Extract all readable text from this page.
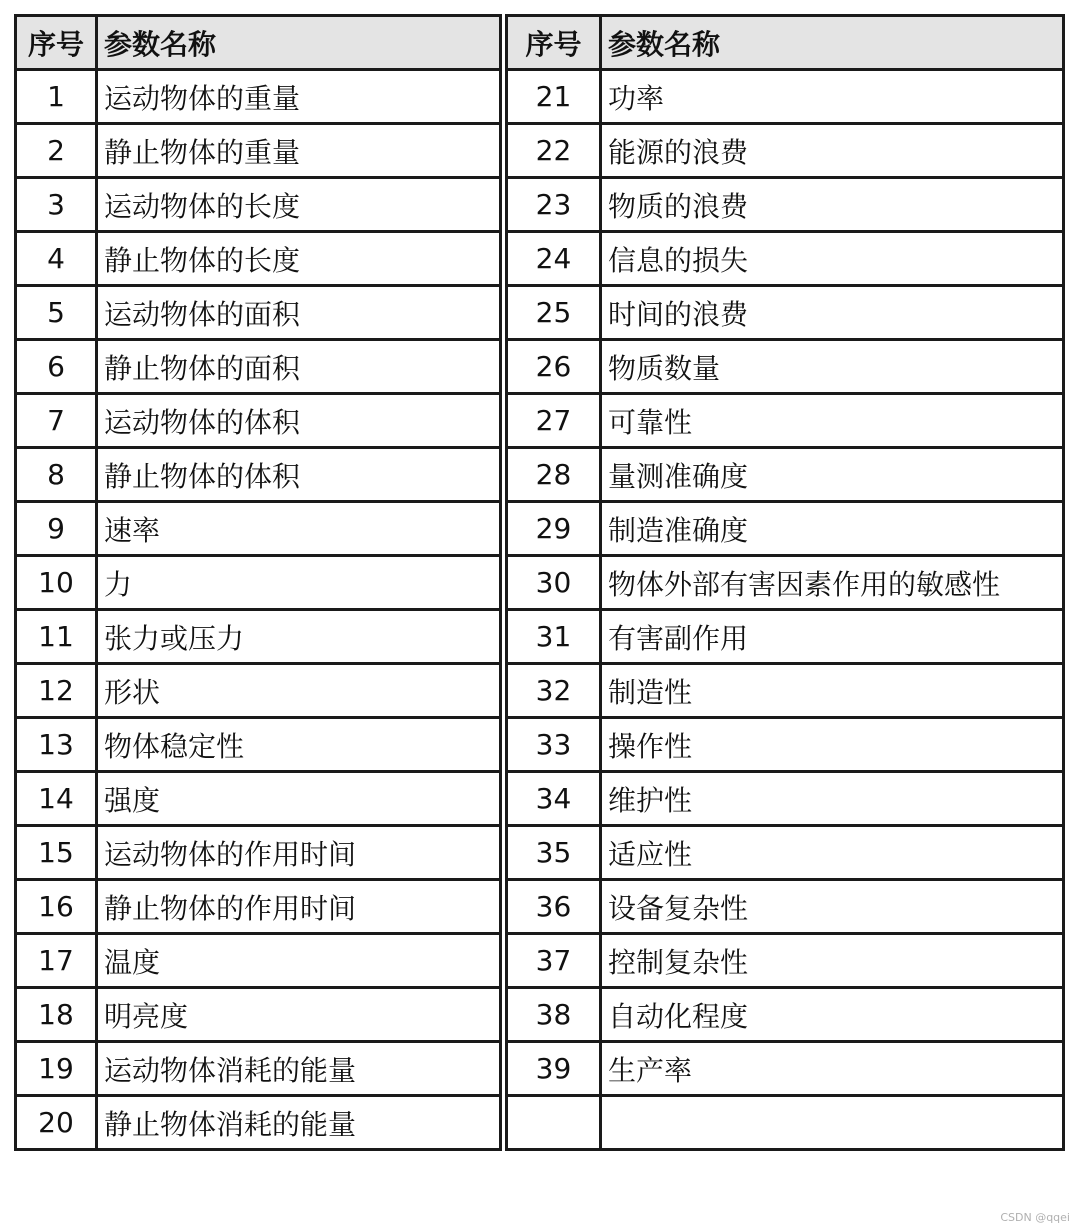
序号	参数名称
1	运动物体的重量
2	静止物体的重量
3	运动物体的长度
4	静止物体的长度
5	运动物体的面积
6	静止物体的面积
7	运动物体的体积
8	静止物体的体积
9	速率
10	力
11	张力或压力
12	形状
13	物体稳定性
14	强度
15	运动物体的作用时间
16	静止物体的作用时间
17	温度
18	明亮度
19	运动物体消耗的能量
20	静止物体消耗的能量
序号	参数名称
21	功率
22	能源的浪费
23	物质的浪费
24	信息的损失
25	时间的浪费
26	物质数量
27	可靠性
28	量测准确度
29	制造准确度
30	物体外部有害因素作用的敏感性
31	有害副作用
32	制造性
33	操作性
34	维护性
35	适应性
36	设备复杂性
37	控制复杂性
38	自动化程度
39	生产率

CSDN @qqei
